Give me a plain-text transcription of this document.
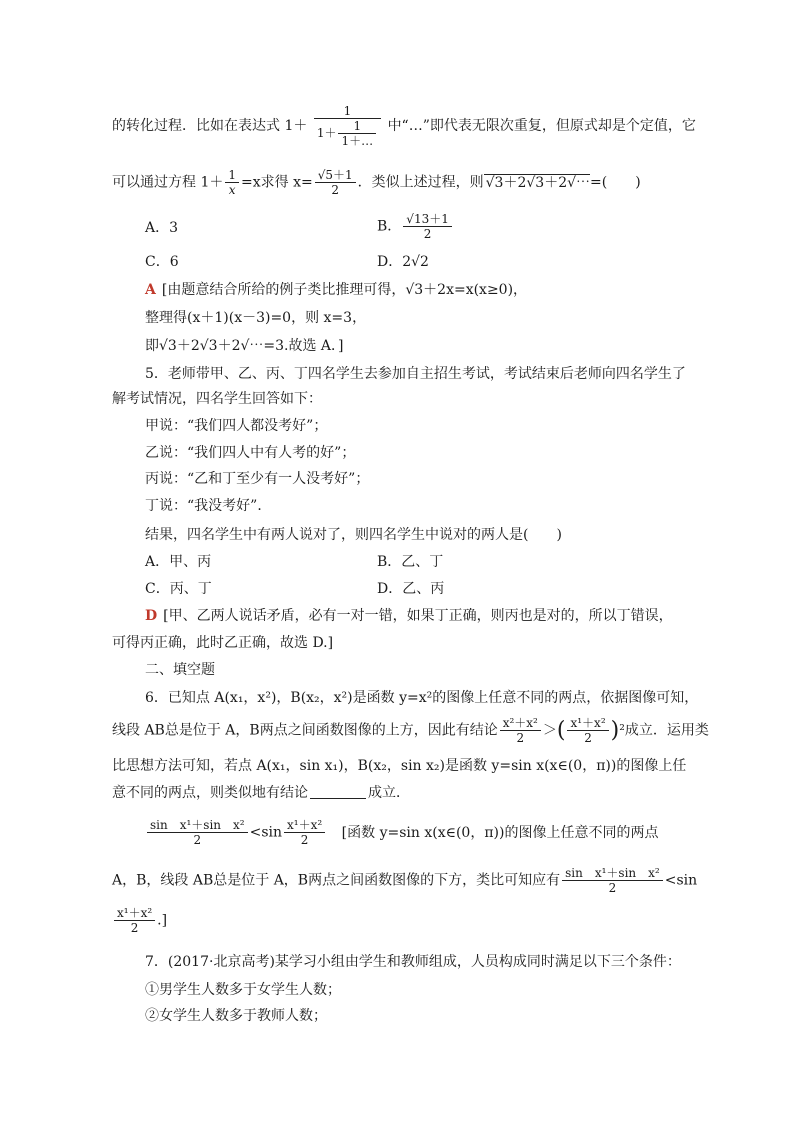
的转化过程．比如在表达式 $1+ \frac{1}{1+ \frac{1}{1+\dots}}$ 中“…”即代表无限次重复，但原式却是个定值，它
可以通过方程 $1+ \frac{1}{x} =x$求得 $x= \frac{√5+1}{2}$ ．类似上述过程，则 √3＋2√3＋2√⋯=(　　)
A．3	B． $\frac{√13+1}{2}$
C．6	D．2√2
A [由题意结合所给的例子类比推理可得，√3＋2x=x(x≥0)，
整理得(x＋1)(x－3)=0，则 x=3，
即√3＋2√3＋2√⋯=3.故选 A．]
5．老师带甲、乙、丙、丁四名学生去参加自主招生考试，考试结束后老师向四名学生了
解考试情况，四名学生回答如下：
甲说：“我们四人都没考好”；
乙说：“我们四人中有人考的好”；
丙说：“乙和丁至少有一人没考好”；
丁说：“我没考好”．
结果，四名学生中有两人说对了，则四名学生中说对的两人是(　　)
A．甲、丙	B．乙、丁
C．丙、丁	D．乙、丙
D [甲、乙两人说话矛盾，必有一对一错，如果丁正确，则丙也是对的，所以丁错误，
可得丙正确，此时乙正确，故选 D.]
二、填空题
6．已知点 A(x₁，x²)，B(x₂，x²)是函数 y=x²的图像上任意不同的两点，依据图像可知，
线段 AB总是位于 A，B两点之间函数图像的上方，因此有结论 $\frac{\text{x²＋x²}}{2}$ ＞( $\frac{\text{x¹＋x²}}{2} )^2$成立．运用类
比思想方法可知，若点 A(x₁，sin x₁)，B(x₂，sin x₂)是函数 y=sin x(x∈(0，π))的图像上任
意不同的两点，则类似地有结论	成立．
$\frac{\text{sin　x¹＋sin　x²}}{2} <\sin \frac{\text{x¹＋x²}}{2}$ [函数 y=sin x(x∈(0，π))的图像上任意不同的两点
A，B，线段 AB总是位于 A，B两点之间函数图像的下方，类比可知应有 $\frac{\text{sin　x¹＋sin　x²}}{2} <\sin$
$\frac{\text{x¹＋x²}}{2}$ .]
7．(2017·北京高考)某学习小组由学生和教师组成，人员构成同时满足以下三个条件：
①男学生人数多于女学生人数；
②女学生人数多于教师人数；
